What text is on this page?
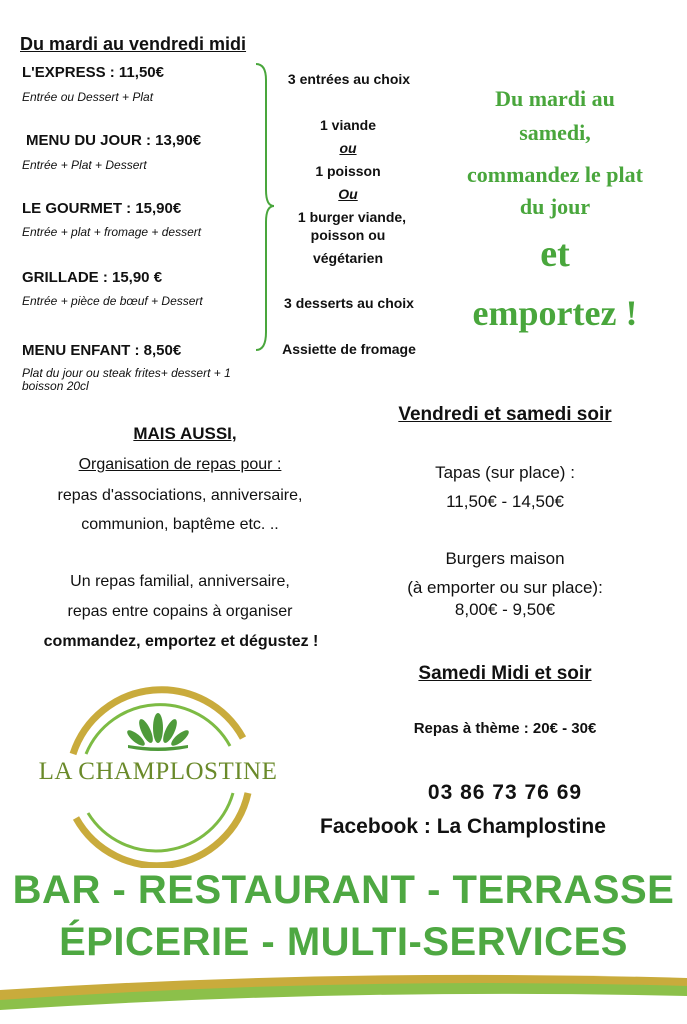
Du mardi au vendredi midi
L'EXPRESS : 11,50€
Entrée ou Dessert + Plat
MENU DU JOUR : 13,90€
Entrée + Plat + Dessert
LE GOURMET : 15,90€
Entrée + plat + fromage + dessert
GRILLADE : 15,90 €
Entrée + pièce de bœuf + Dessert
MENU ENFANT : 8,50€
Plat du jour ou steak frites+ dessert + 1
boisson 20cl
3 entrées au choix
1 viande
ou
1 poisson
Ou
1 burger viande,
poisson ou
végétarien
3 desserts au choix
Assiette de fromage
Du mardi au
samedi,
commandez le plat
du jour
et
emportez !
MAIS AUSSI,
Organisation de repas pour :
repas d'associations, anniversaire,
communion, baptême etc. ..
Un repas familial, anniversaire,
repas entre copains à organiser
commandez, emportez et dégustez !
Vendredi et samedi soir
Tapas (sur place) :
11,50€ - 14,50€
Burgers maison
(à emporter ou sur place):
8,00€ - 9,50€
Samedi Midi et soir
Repas à thème : 20€ - 30€
03 86 73 76 69
Facebook : La Champlostine
LA CHAMPLOSTINE
BAR - RESTAURANT - TERRASSE
ÉPICERIE - MULTI-SERVICES
